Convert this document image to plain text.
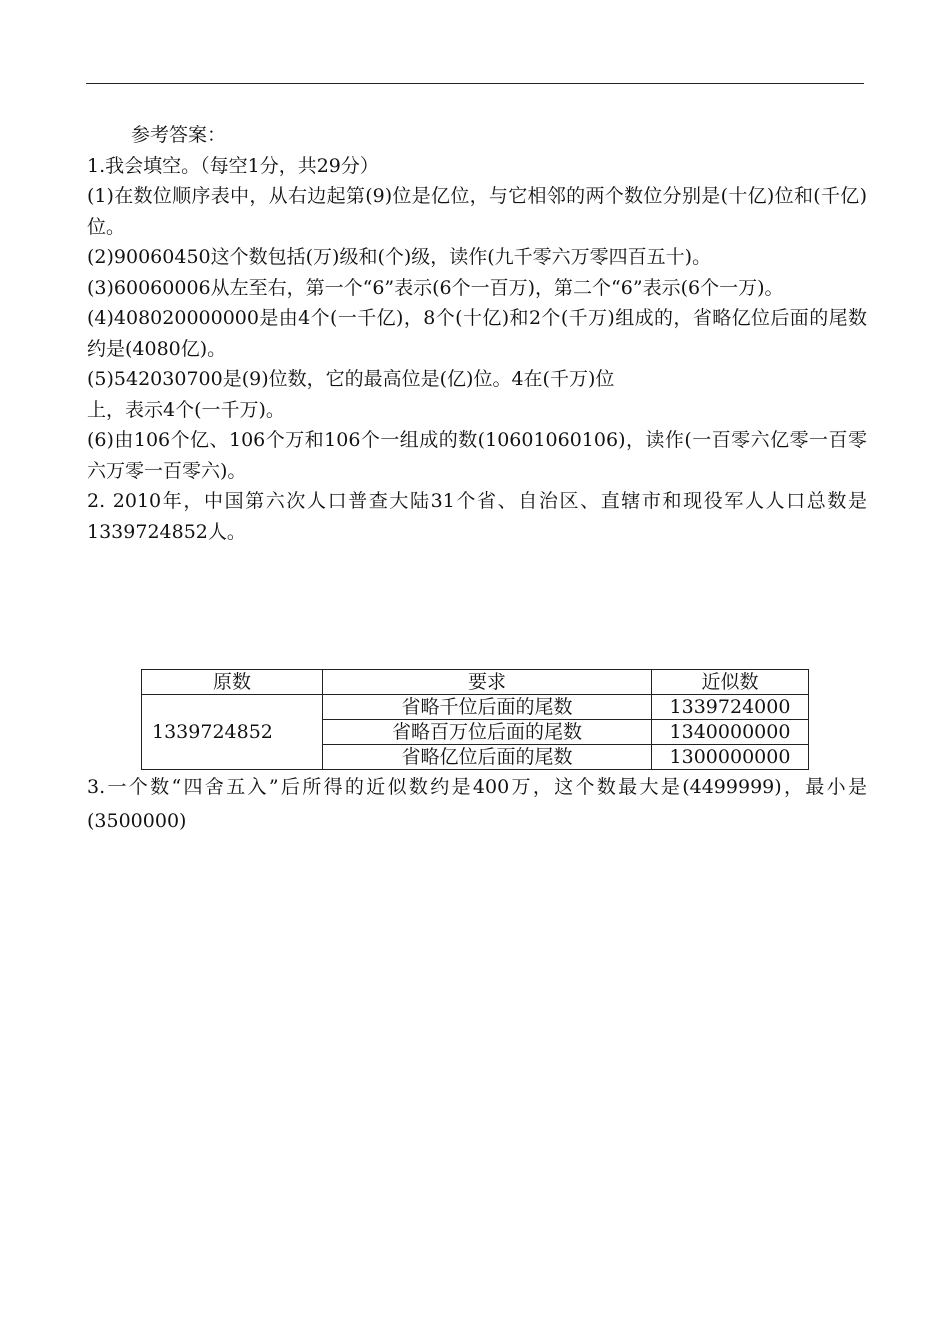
参考答案：
1.我会填空。（每空1分，共29分）
(1)在数位顺序表中，从右边起第(9)位是亿位，与它相邻的两个数位分别是(十亿)位和(千亿)位。
(2)90060450这个数包括(万)级和(个)级，读作(九千零六万零四百五十)。
(3)60060006从左至右，第一个“6”表示(6个一百万)，第二个“6”表示(6个一万)。
(4)408020000000是由4个(一千亿)，8个(十亿)和2个(千万)组成的，省略亿位后面的尾数约是(4080亿)。
(5)542030700是(9)位数，它的最高位是(亿)位。4在(千万)位
上，表示4个(一千万)。
(6)由106个亿、106个万和106个一组成的数(10601060106)，读作(一百零六亿零一百零六万零一百零六)。
2. 2010年，中国第六次人口普查大陆31个省、自治区、直辖市和现役军人人口总数是1339724852人。
原数	要求	近似数
1339724852	省略千位后面的尾数	1339724000
	省略百万位后面的尾数	1340000000
	省略亿位后面的尾数	1300000000
3.一个数“四舍五入”后所得的近似数约是400万，这个数最大是(4499999)，最小是(3500000)
